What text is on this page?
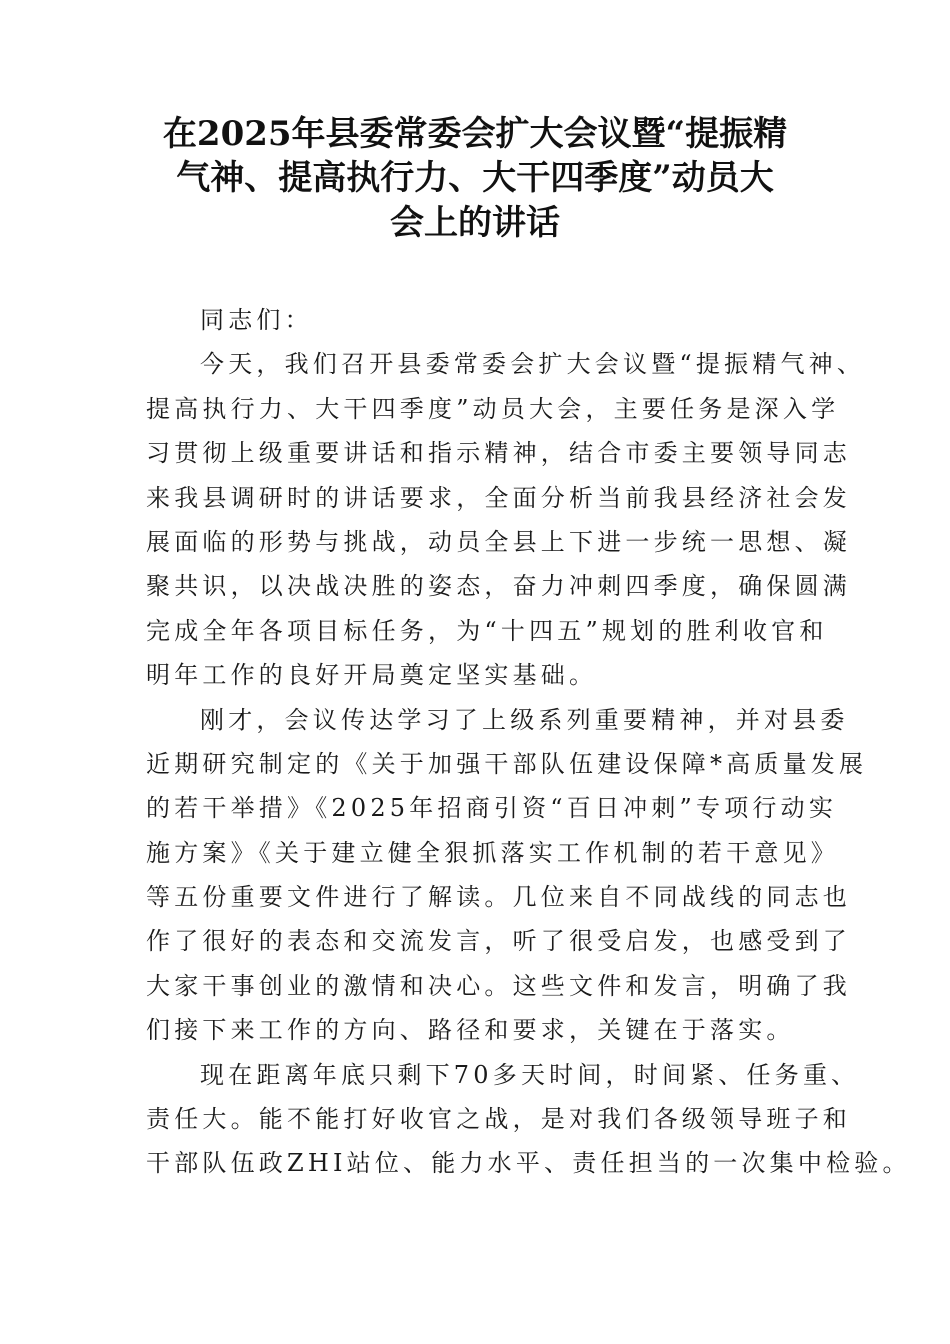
在2025年县委常委会扩大会议暨“提振精
气神、提高执行力、大干四季度”动员大
会上的讲话
同志们：
今天，我们召开县委常委会扩大会议暨“提振精气神、
提高执行力、大干四季度”动员大会，主要任务是深入学
习贯彻上级重要讲话和指示精神，结合市委主要领导同志
来我县调研时的讲话要求，全面分析当前我县经济社会发
展面临的形势与挑战，动员全县上下进一步统一思想、凝
聚共识，以决战决胜的姿态，奋力冲刺四季度，确保圆满
完成全年各项目标任务，为“十四五”规划的胜利收官和
明年工作的良好开局奠定坚实基础。
刚才，会议传达学习了上级系列重要精神，并对县委
近期研究制定的《关于加强干部队伍建设保障*高质量发展
的若干举措》《2025年招商引资“百日冲刺”专项行动实
施方案》《关于建立健全狠抓落实工作机制的若干意见》
等五份重要文件进行了解读。几位来自不同战线的同志也
作了很好的表态和交流发言，听了很受启发，也感受到了
大家干事创业的激情和决心。这些文件和发言，明确了我
们接下来工作的方向、路径和要求，关键在于落实。
现在距离年底只剩下70多天时间，时间紧、任务重、
责任大。能不能打好收官之战，是对我们各级领导班子和
干部队伍政ZHI站位、能力水平、责任担当的一次集中检验。
